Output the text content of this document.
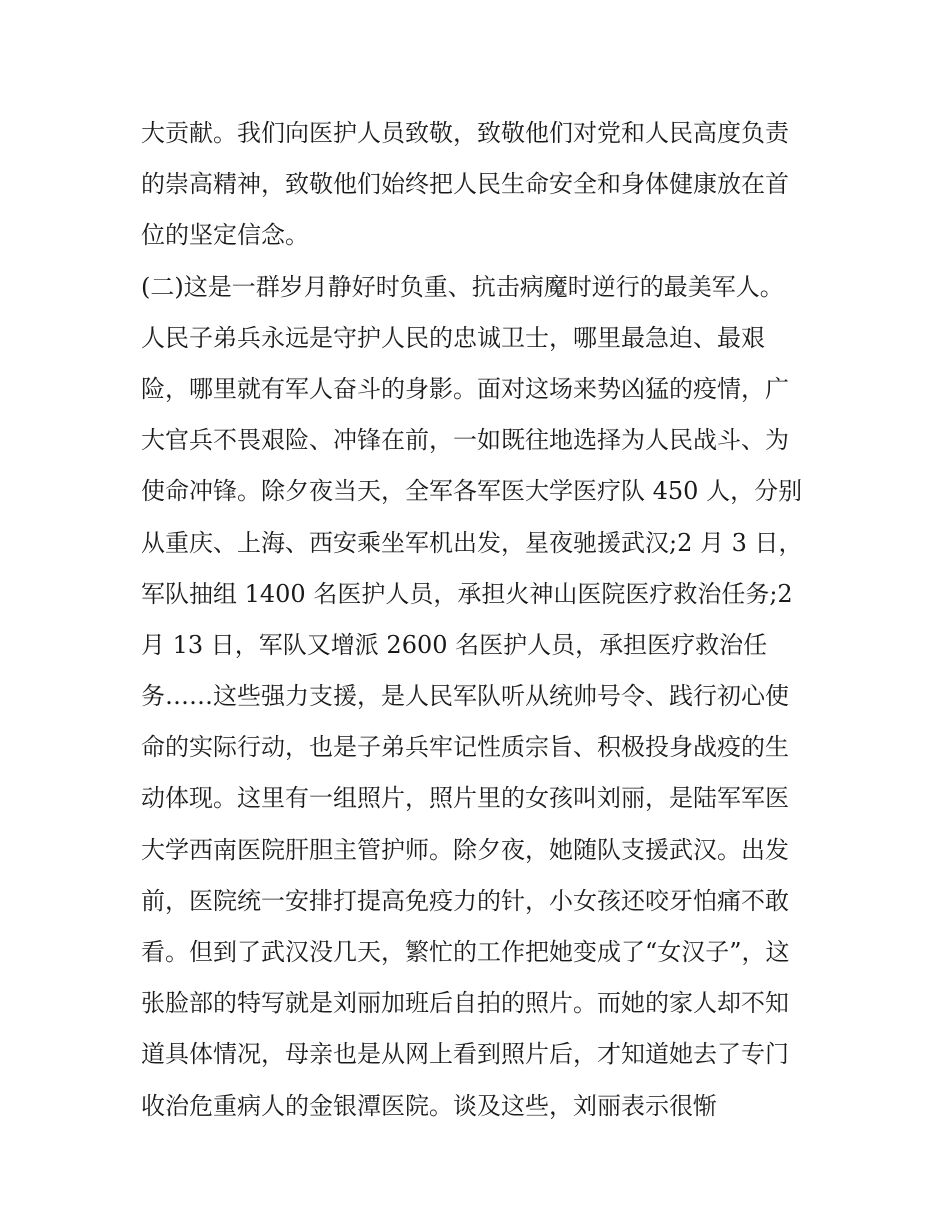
大贡献。我们向医护人员致敬，致敬他们对党和人民高度负责
的崇高精神，致敬他们始终把人民生命安全和身体健康放在首
位的坚定信念。
(二)这是一群岁月静好时负重、抗击病魔时逆行的最美军人。
人民子弟兵永远是守护人民的忠诚卫士，哪里最急迫、最艰
险，哪里就有军人奋斗的身影。面对这场来势凶猛的疫情，广
大官兵不畏艰险、冲锋在前，一如既往地选择为人民战斗、为
使命冲锋。除夕夜当天，全军各军医大学医疗队 450 人，分别
从重庆、上海、西安乘坐军机出发，星夜驰援武汉;2 月 3 日，
军队抽组 1400 名医护人员，承担火神山医院医疗救治任务;2
月 13 日，军队又增派 2600 名医护人员，承担医疗救治任
务……这些强力支援，是人民军队听从统帅号令、践行初心使
命的实际行动，也是子弟兵牢记性质宗旨、积极投身战疫的生
动体现。这里有一组照片，照片里的女孩叫刘丽，是陆军军医
大学西南医院肝胆主管护师。除夕夜，她随队支援武汉。出发
前，医院统一安排打提高免疫力的针，小女孩还咬牙怕痛不敢
看。但到了武汉没几天，繁忙的工作把她变成了“女汉子”，这
张脸部的特写就是刘丽加班后自拍的照片。而她的家人却不知
道具体情况，母亲也是从网上看到照片后，才知道她去了专门
收治危重病人的金银潭医院。谈及这些，刘丽表示很惭
